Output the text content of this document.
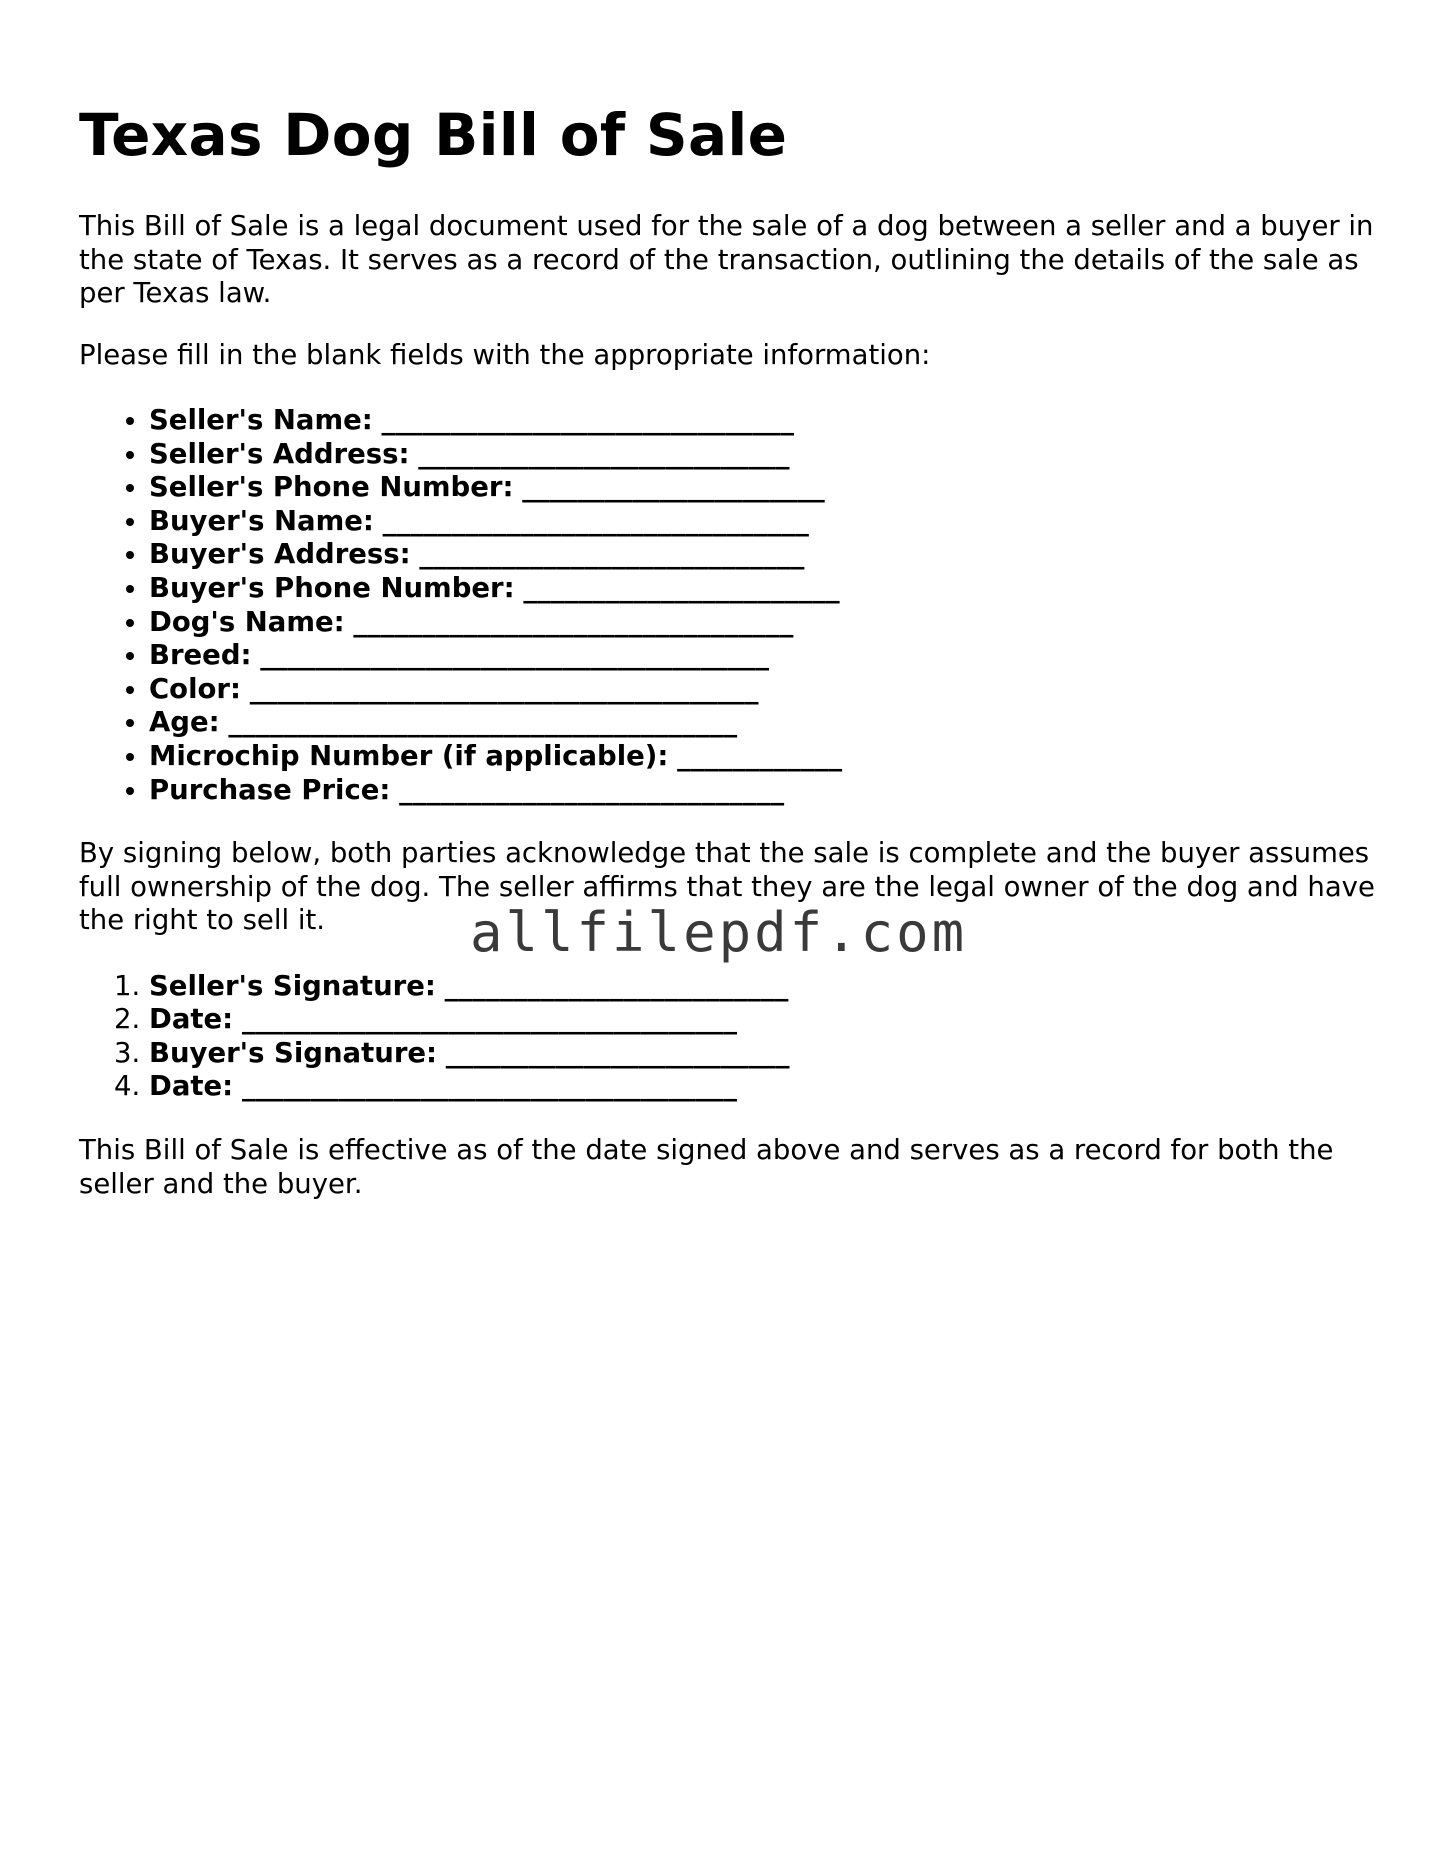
Texas Dog Bill of Sale

This Bill of Sale is a legal document used for the sale of a dog between a seller and a buyer in the state of Texas. It serves as a record of the transaction, outlining the details of the sale as per Texas law.

Please fill in the blank fields with the appropriate information:

• Seller's Name: ______________________________
• Seller's Address: ___________________________
• Seller's Phone Number: ______________________
• Buyer's Name: _______________________________
• Buyer's Address: ____________________________
• Buyer's Phone Number: _______________________
• Dog's Name: ________________________________
• Breed: _____________________________________
• Color: _____________________________________
• Age: _____________________________________
• Microchip Number (if applicable): ____________
• Purchase Price: ____________________________

By signing below, both parties acknowledge that the sale is complete and the buyer assumes full ownership of the dog. The seller affirms that they are the legal owner of the dog and have the right to sell it.

1. Seller's Signature: _________________________
2. Date: ____________________________________
3. Buyer's Signature: _________________________
4. Date: ____________________________________

This Bill of Sale is effective as of the date signed above and serves as a record for both the seller and the buyer.

allfilepdf.com
